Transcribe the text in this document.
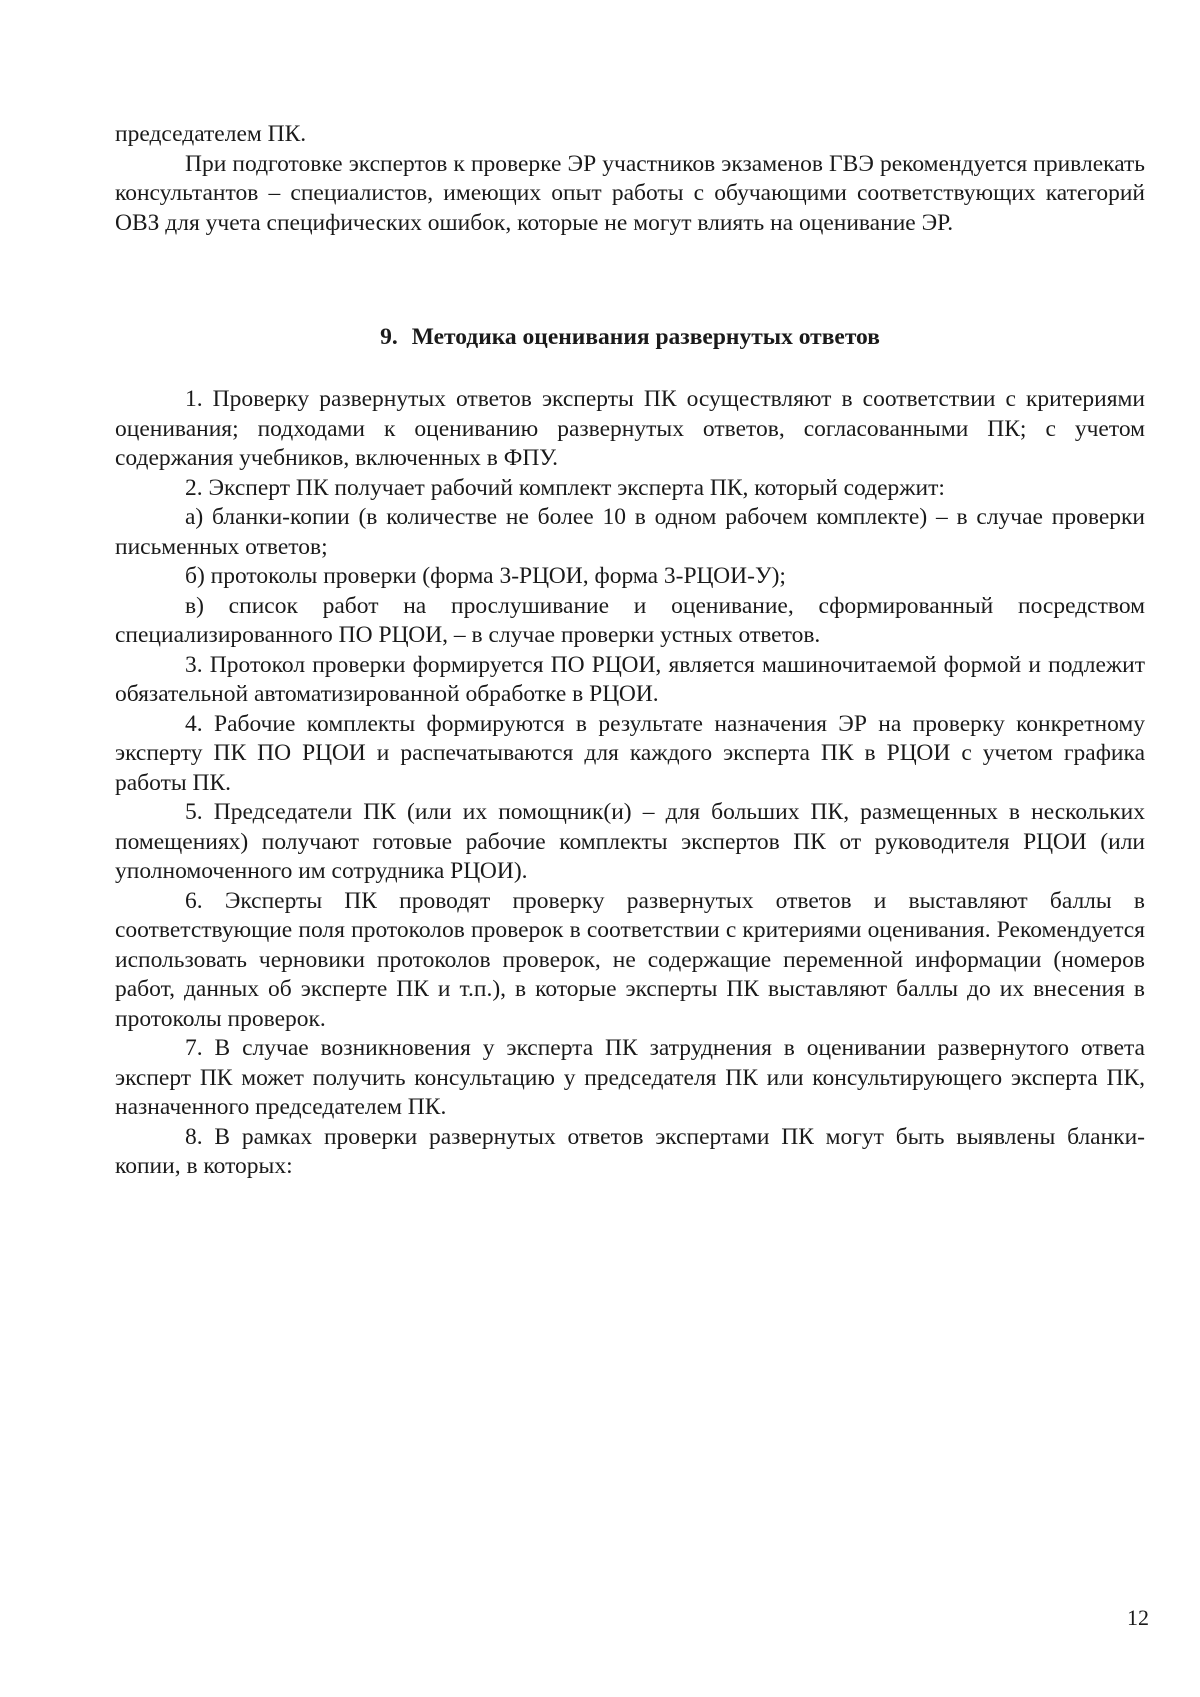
председателем ПК.

При подготовке экспертов к проверке ЭР участников экзаменов ГВЭ рекомендуется привлекать консультантов – специалистов, имеющих опыт работы с обучающими соответствующих категорий ОВЗ для учета специфических ошибок, которые не могут влиять на оценивание ЭР.

9. Методика оценивания развернутых ответов

1. Проверку развернутых ответов эксперты ПК осуществляют в соответствии с критериями оценивания; подходами к оцениванию развернутых ответов, согласованными ПК; с учетом содержания учебников, включенных в ФПУ.

2. Эксперт ПК получает рабочий комплект эксперта ПК, который содержит:

а) бланки-копии (в количестве не более 10 в одном рабочем комплекте) – в случае проверки письменных ответов;

б) протоколы проверки (форма 3-РЦОИ, форма 3-РЦОИ-У);

в) список работ на прослушивание и оценивание, сформированный посредством специализированного ПО РЦОИ, – в случае проверки устных ответов.

3. Протокол проверки формируется ПО РЦОИ, является машиночитаемой формой и подлежит обязательной автоматизированной обработке в РЦОИ.

4. Рабочие комплекты формируются в результате назначения ЭР на проверку конкретному эксперту ПК ПО РЦОИ и распечатываются для каждого эксперта ПК в РЦОИ с учетом графика работы ПК.

5. Председатели ПК (или их помощник(и) – для больших ПК, размещенных в нескольких помещениях) получают готовые рабочие комплекты экспертов ПК от руководителя РЦОИ (или уполномоченного им сотрудника РЦОИ).

6. Эксперты ПК проводят проверку развернутых ответов и выставляют баллы в соответствующие поля протоколов проверок в соответствии с критериями оценивания. Рекомендуется использовать черновики протоколов проверок, не содержащие переменной информации (номеров работ, данных об эксперте ПК и т.п.), в которые эксперты ПК выставляют баллы до их внесения в протоколы проверок.

7. В случае возникновения у эксперта ПК затруднения в оценивании развернутого ответа эксперт ПК может получить консультацию у председателя ПК или консультирующего эксперта ПК, назначенного председателем ПК.

8. В рамках проверки развернутых ответов экспертами ПК могут быть выявлены бланки-копии, в которых:

12
